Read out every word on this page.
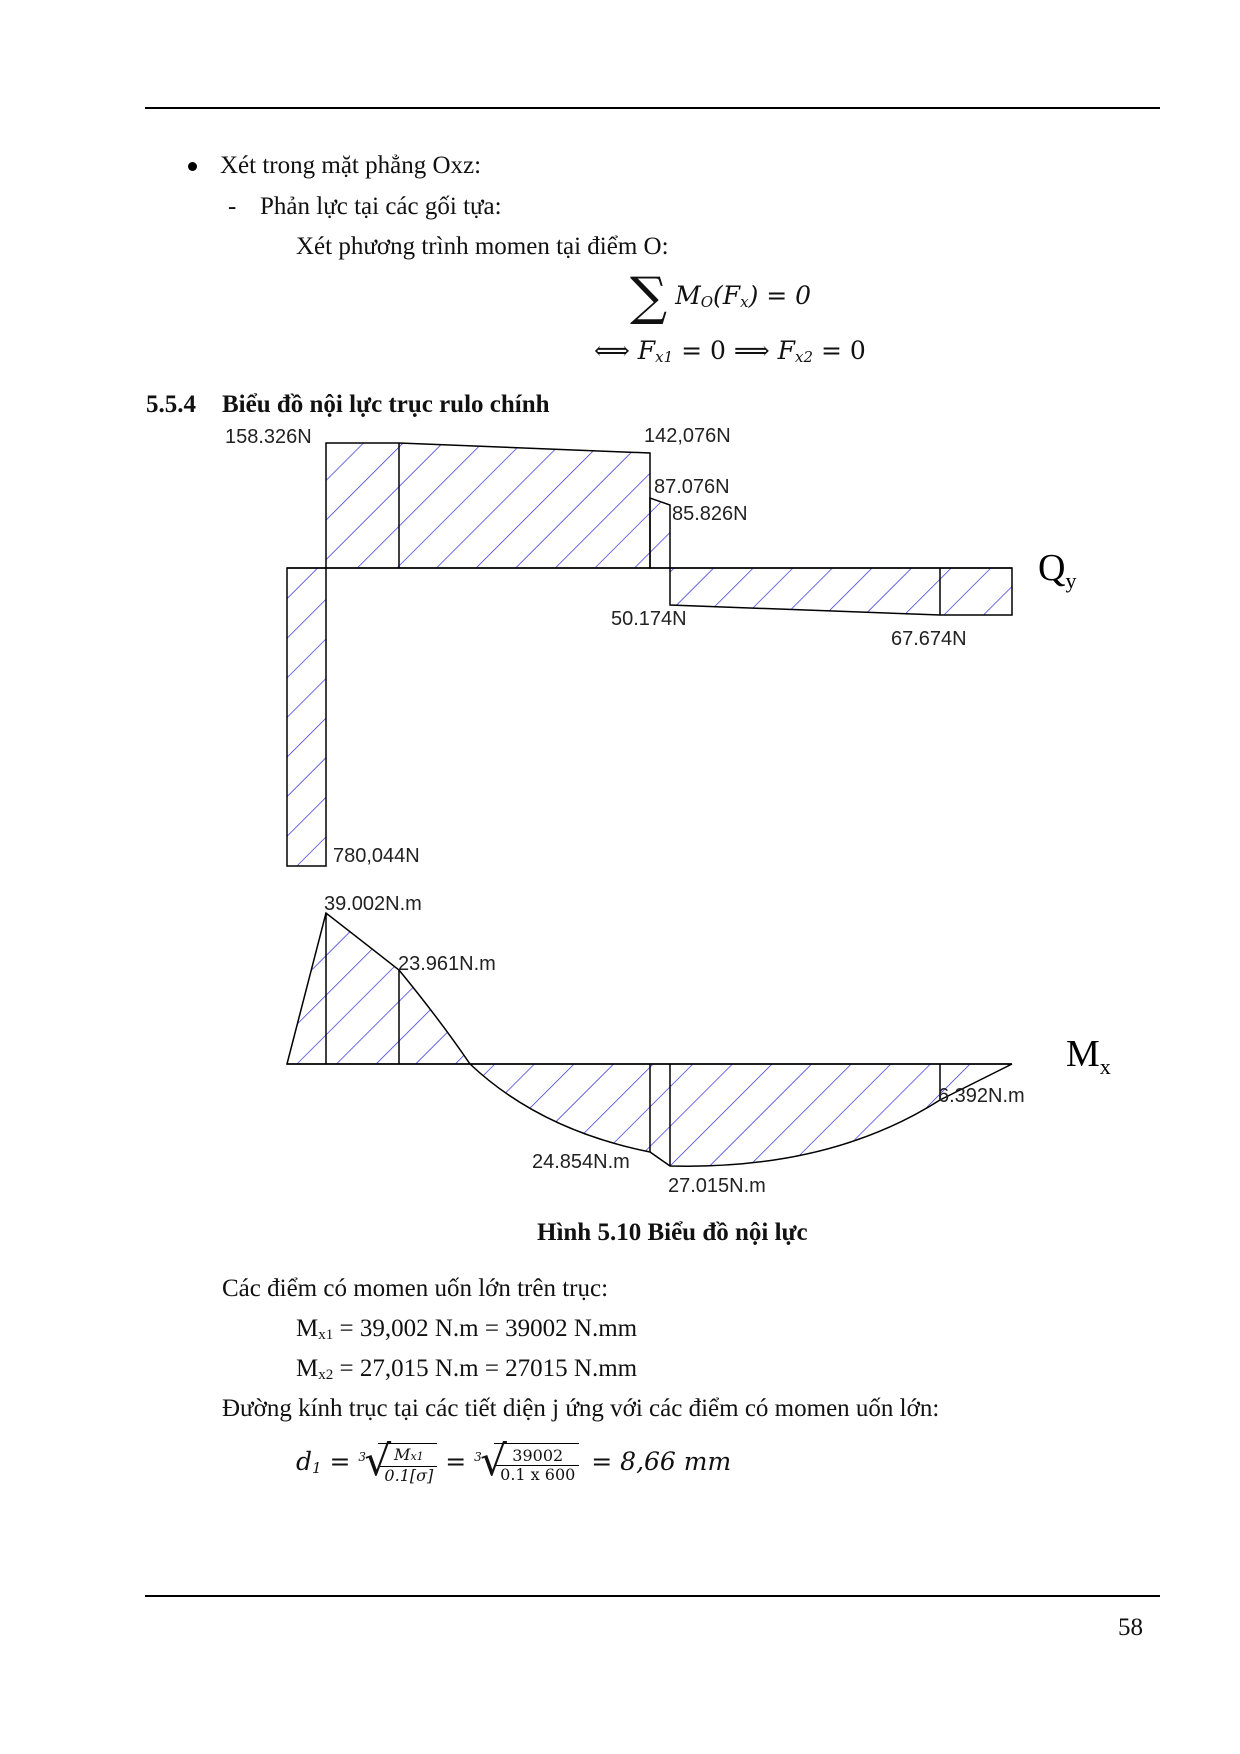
Xét trong mặt phẳng Oxz:
- Phản lực tại các gối tựa:
Xét phương trình momen tại điểm O:
∑ $M_O(F_x) = 0$
⟺ $F_{x1} = 0$ ⟹ $F_{x2} = 0$
5.5.4 Biểu đồ nội lực trục rulo chính
158.326N	142,076N
87.076N
85.826N
50.174N
67.674N
780,044N
$Q_y$
39.002N.m
23.961N.m
24.854N.m
27.015N.m
6.392N.m
$M_x$
Hình 5.10 Biểu đồ nội lực
Các điểm có momen uốn lớn trên trục:
$M_{x1} = 39,002$ N.m = 39002 N.mm
$M_{x2} = 27,015$ N.m = 27015 N.mm
Đường kính trục tại các tiết diện j ứng với các điểm có momen uốn lớn:
$d_1 = 3$
√
$\frac{Mx1}{0.1[\sigma]} = 3$
√
$\frac{39002}{0.1 x 600} = 8,66$ mm
58
